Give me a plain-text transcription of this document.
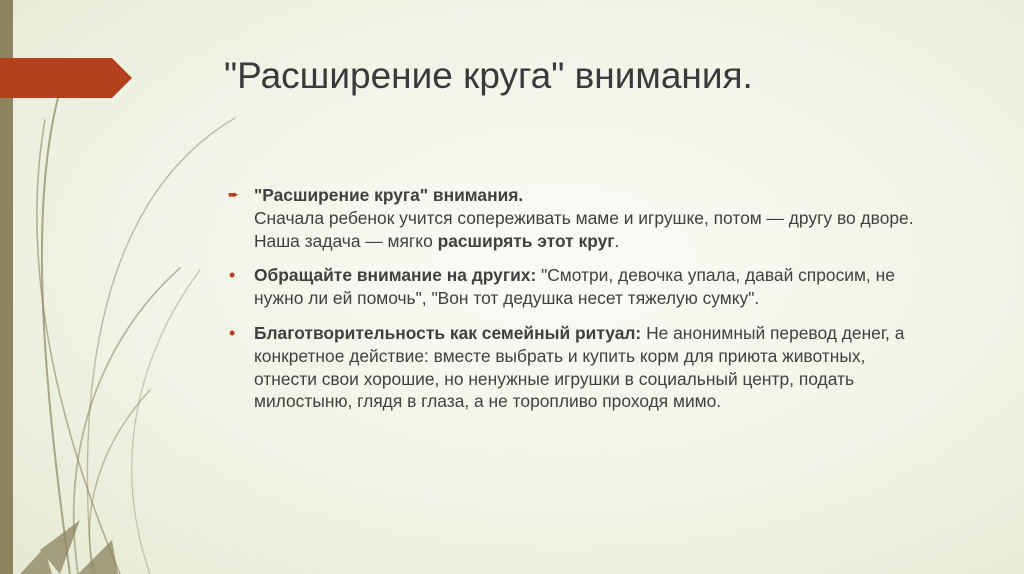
"Расширение круга" внимания.
➨ "Расширение круга" внимания.
Сначала ребенок учится сопереживать маме и игрушке, потом — другу во дворе. Наша задача — мягко расширять этот круг.
• Обращайте внимание на других: "Смотри, девочка упала, давай спросим, не нужно ли ей помочь", "Вон тот дедушка несет тяжелую сумку".
• Благотворительность как семейный ритуал: Не анонимный перевод денег, а конкретное действие: вместе выбрать и купить корм для приюта животных, отнести свои хорошие, но ненужные игрушки в социальный центр, подать милостыню, глядя в глаза, а не торопливо проходя мимо.
